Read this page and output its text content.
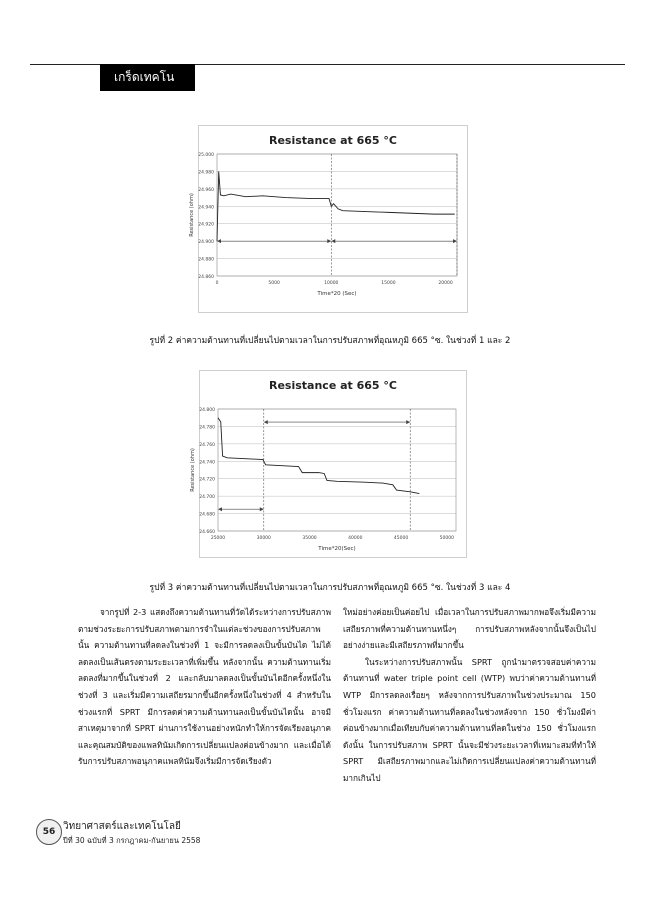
เกร็ดเทคโน
Resistance at 665 °C
25.000
24.980
24.960
24.940
24.920
24.900
24.880
24.860
0	5000	10000	15000	20000
Time*20 (Sec)
Resistance (ohm)
รูปที่ 2 ค่าความต้านทานที่เปลี่ยนไปตามเวลาในการปรับสภาพที่อุณหภูมิ 665 °ซ. ในช่วงที่ 1 และ 2
Resistance at 665 °C
24.800
24.780
24.760
24.740
24.720
24.700
24.680
24.660
25000	30000	35000	40000	45000	50000
Time*20(Sec)
Resistance (ohm)
รูปที่ 3 ค่าความต้านทานที่เปลี่ยนไปตามเวลาในการปรับสภาพที่อุณหภูมิ 665 °ซ. ในช่วงที่ 3 และ 4

จากรูปที่ 2-3 แสดงถึงความต้านทานที่วัดได้ระหว่างการปรับสภาพตามช่วงระยะการปรับสภาพตามการจำในแต่ละช่วงของการปรับสภาพนั้น ความต้านทานที่ลดลงในช่วงที่ 1 จะมีการลดลงเป็นขั้นบันได ไม่ได้ลดลงเป็นเส้นตรงตามระยะเวลาที่เพิ่มขึ้น หลังจากนั้น ความต้านทานเริ่มลดลงที่มากขึ้นในช่วงที่ 2 และกลับมาลดลงเป็นขั้นบันไดอีกครั้งหนึ่งในช่วงที่ 3 และเริ่มมีความเสถียรมากขึ้นอีกครั้งหนึ่งในช่วงที่ 4 สำหรับในช่วงแรกที่ SPRT มีการลดค่าความต้านทานลงเป็นขั้นบันไดนั้น อาจมีสาเหตุมาจากที่ SPRT ผ่านการใช้งานอย่างหนักทำให้การจัดเรียงอนุภาคและคุณสมบัติของแพลทินัมเกิดการเปลี่ยนแปลงค่อนข้างมาก และเมื่อได้รับการปรับสภาพอนุภาคแพลทินัมจึงเริ่มมีการจัดเรียงตัว

ใหม่อย่างค่อยเป็นค่อยไป เมื่อเวลาในการปรับสภาพมากพอจึงเริ่มมีความเสถียรภาพที่ความต้านทานหนึ่งๆ การปรับสภาพหลังจากนั้นจึงเป็นไปอย่างง่ายและมีเสถียรภาพที่มากขึ้น

ในระหว่างการปรับสภาพนั้น SPRT ถูกนำมาตรวจสอบค่าความต้านทานที่ water triple point cell (WTP) พบว่าค่าความต้านทานที่ WTP มีการลดลงเรื่อยๆ หลังจากการปรับสภาพในช่วงประมาณ 150 ชั่วโมงแรก ค่าความต้านทานที่ลดลงในช่วงหลังจาก 150 ชั่วโมงมีค่าค่อนข้างมากเมื่อเทียบกับค่าความต้านทานที่ลดในช่วง 150 ชั่วโมงแรก ดังนั้น ในการปรับสภาพ SPRT นั้นจะมีช่วงระยะเวลาที่เหมาะสมที่ทำให้ SPRT มีเสถียรภาพมากและไม่เกิดการเปลี่ยนแปลงค่าความต้านทานที่มากเกินไป

56 วิทยาศาสตร์และเทคโนโลยี
ปีที่ 30 ฉบับที่ 3 กรกฎาคม-กันยายน 2558
